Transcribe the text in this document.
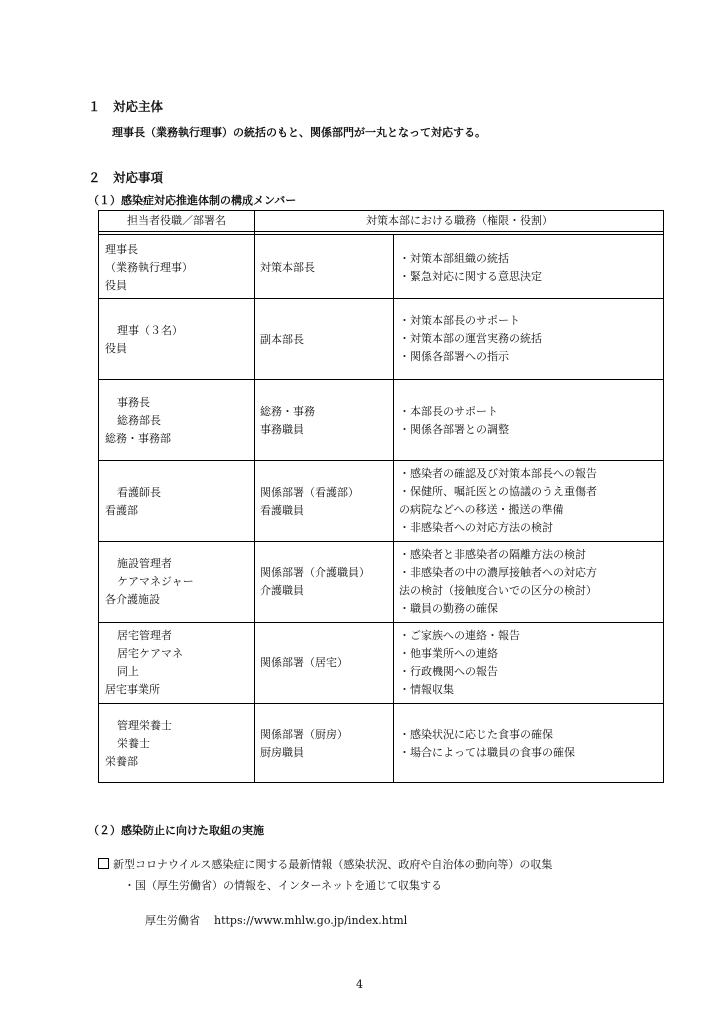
１ 対応主体
理事長（業務執行理事）の統括のもと、関係部門が一丸となって対応する。
２ 対応事項
（１）感染症対応推進体制の構成メンバー
担当者役職／部署名	対策本部における職務（権限・役割）
理事長
（業務執行理事）
役員
対策本部長
・対策本部組織の統括
・緊急対応に関する意思決定
理事（３名）
役員
副本部長
・対策本部長のサポート
・対策本部の運営実務の統括
・関係各部署への指示
事務長
総務部長
総務・事務部
総務・事務
事務職員
・本部長のサポート
・関係各部署との調整
看護師長
看護部
関係部署（看護部）
看護職員
・感染者の確認及び対策本部長への報告
・保健所、嘱託医との協議のうえ重傷者
の病院などへの移送・搬送の準備
・非感染者への対応方法の検討
施設管理者
ケアマネジャー
各介護施設
関係部署（介護職員）
介護職員
・感染者と非感染者の隔離方法の検討
・非感染者の中の濃厚接触者への対応方
法の検討（接触度合いでの区分の検討）
・職員の勤務の確保
居宅管理者
居宅ケアマネ
同上
居宅事業所
関係部署（居宅）
・ご家族への連絡・報告
・他事業所への連絡
・行政機関への報告
・情報収集
管理栄養士
栄養士
栄養部
関係部署（厨房）
厨房職員
・感染状況に応じた食事の確保
・場合によっては職員の食事の確保
（２）感染防止に向けた取組の実施
新型コロナウイルス感染症に関する最新情報（感染状況、政府や自治体の動向等）の収集
・国（厚生労働省）の情報を、インターネットを通じて収集する
厚生労働省 https://www.mhlw.go.jp/index.html
4
